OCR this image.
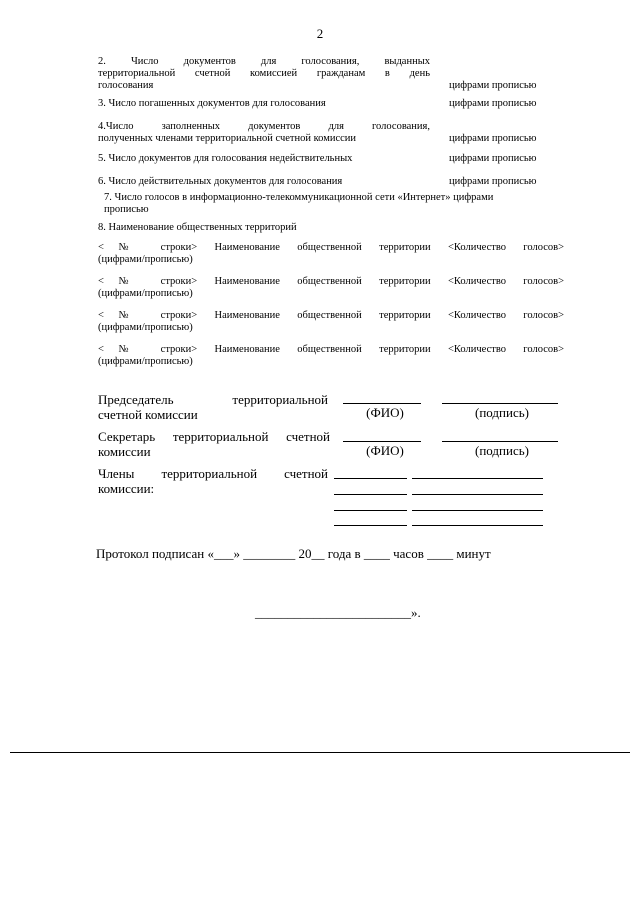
2
2. Число документов для голосования, выданных
территориальной счетной комиссией гражданам в день
голосования	цифрами прописью
3. Число погашенных документов для голосования	цифрами прописью
4.Число заполненных документов для голосования,
полученных членами территориальной счетной комиссии	цифрами прописью
5. Число документов для голосования недействительных	цифрами прописью
6. Число действительных документов для голосования	цифрами прописью
7. Число голосов в информационно-телекоммуникационной сети «Интернет» цифрами
прописью
8. Наименование общественных территорий
<№ строки> Наименование общественной территории <Количество голосов>
(цифрами/прописью)
<№ строки> Наименование общественной территории <Количество голосов>
(цифрами/прописью)
<№ строки> Наименование общественной территории <Количество голосов>
(цифрами/прописью)
<№ строки> Наименование общественной территории <Количество голосов>
(цифрами/прописью)
Председатель территориальной
счетной комиссии	(ФИО)	(подпись)
Секретарь территориальной счетной
комиссии	(ФИО)	(подпись)
Члены территориальной счетной
комиссии:
Протокол подписан «___» ________ 20__ года в ____ часов ____ минут
________________________».
